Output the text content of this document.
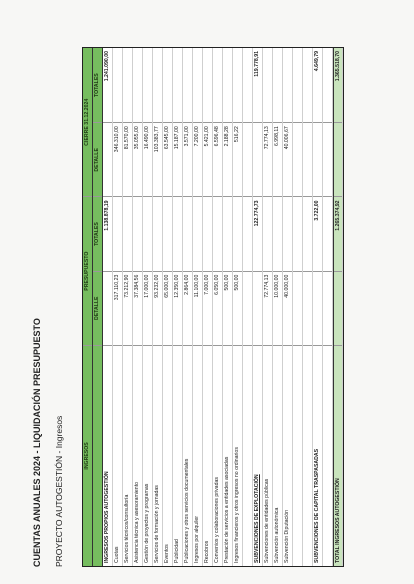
CUENTAS ANUALES 2024 - LIQUIDACIÓN PRESUPUESTO	PROYECTO AUTOGESTIÓN - Ingresos	INGRESOS
PRESUPUESTO
CIERRE 31.12.2024
DETALLE
TOTALES
DETALLE
TOTALES
INGRESOS PROPIOS AUTOGESTIÓN
1.138.878,19
1.241.090,00
Cuotas
317.110,23
346.310,00
Servicios técnicos/consultoría
73.212,90
81.570,00
Asistencia técnica y asesoramiento
37.384,56
35.055,00
Gestión de proyectos y programas
17.000,00
16.490,00
Servicios de formación y jornadas
93.232,00
103.383,77
Eventos
65.000,00
63.545,00
Publicidad
12.350,00
15.187,00
Publicaciones y otros servicios documentales
2.864,00
3.571,00
Ingresos por alquiler
11.100,00
7.200,00
Recobros
7.000,00
5.421,00
Convenios y colaboraciones privadas
6.050,00
6.596,48
Prestación de servicios a entidades asociadas
500,00
2.188,28
Ingresos financieros y otros ingresos no ordinarios
500,00
516,22
SUBVENCIONES DE EXPLOTACIÓN
122.774,73
119.778,91
Subvenciones de entidades públicas
72.774,13
72.774,13
Subvención autonómica
10.000,00
6.998,11
Subvención Diputación
40.000,00
40.006,67
SUBVENCIONES DE CAPITAL TRASPASADAS
3.722,00
4.649,79
TOTAL INGRESOS AUTOGESTIÓN
1.265.374,92
1.365.518,70
